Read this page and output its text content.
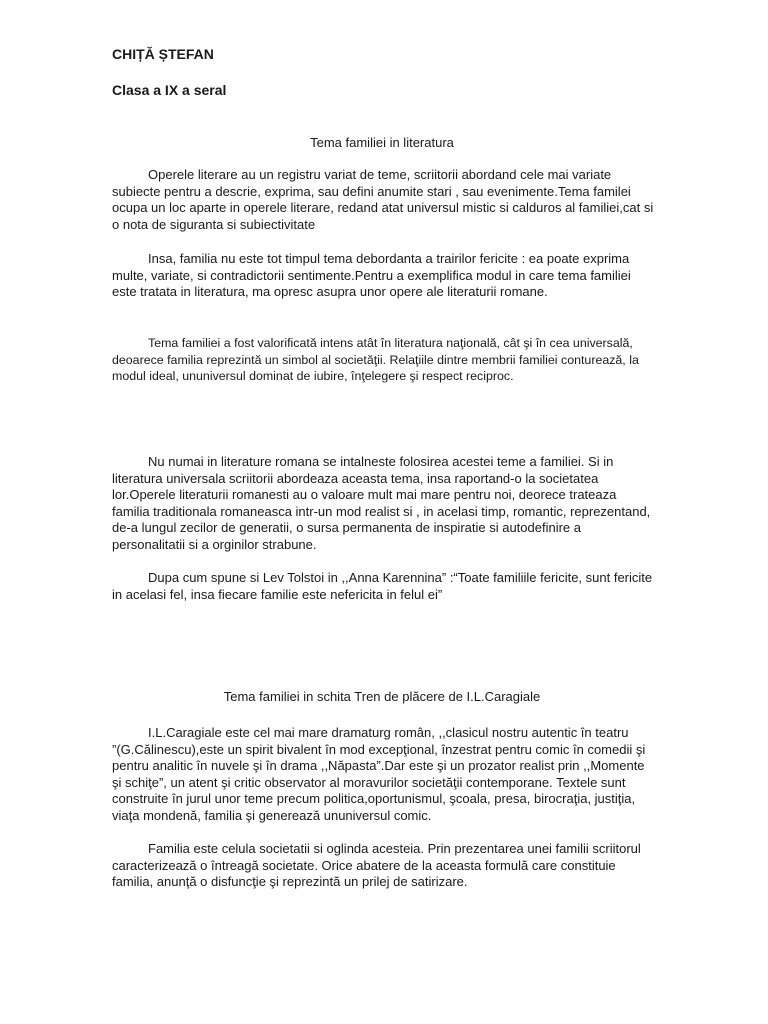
CHIȚĂ ȘTEFAN

Clasa a IX a seral

Tema familiei in literatura

Operele literare au un registru variat de teme, scriitorii abordand cele mai variate subiecte pentru a descrie, exprima, sau defini anumite stari , sau evenimente.Tema familei ocupa un loc aparte in operele literare, redand atat universul mistic si calduros al familiei,cat si o nota de siguranta si subiectivitate

Insa, familia nu este tot timpul tema debordanta a trairilor fericite : ea poate exprima multe, variate, si contradictorii sentimente.Pentru a exemplifica modul in care tema familiei este tratata in literatura, ma opresc asupra unor opere ale literaturii romane.

Tema familiei a fost valorificată intens atât în literatura naţională, cât şi în cea universală, deoarece familia reprezintă un simbol al societăţii. Relaţiile dintre membrii familiei conturează, la modul ideal, ununiversul dominat de iubire, înţelegere şi respect reciproc.

Nu numai in literature romana se intalneste folosirea acestei teme a familiei. Si in literatura universala scriitorii abordeaza aceasta tema, insa raportand-o la societatea lor.Operele literaturii romanesti au o valoare mult mai mare pentru noi, deorece trateaza familia traditionala romaneasca intr-un mod realist si , in acelasi timp, romantic, reprezentand, de-a lungul zecilor de generatii, o sursa permanenta de inspiratie si autodefinire a personalitatii si a orginilor strabune.

Dupa cum spune si Lev Tolstoi in ,,Anna Karennina” :“Toate familiile fericite, sunt fericite in acelasi fel, insa fiecare familie este nefericita in felul ei”

Tema familiei in schita Tren de plăcere de I.L.Caragiale

I.L.Caragiale este cel mai mare dramaturg român, ,,clasicul nostru autentic în teatru ”(G.Călinescu),este un spirit bivalent în mod excepţional, înzestrat pentru comic în comedii şi pentru analitic în nuvele şi în drama ,,Năpasta”.Dar este şi un prozator realist prin ,,Momente şi schiţe”, un atent şi critic observator al moravurilor societăţii contemporane. Textele sunt construite în jurul unor teme precum politica,oportunismul, şcoala, presa, birocraţia, justiţia, viaţa mondenă, familia şi generează ununiversul comic.

Familia este celula societatii si oglinda acesteia. Prin prezentarea unei familii scriitorul caracterizează o întreagă societate. Orice abatere de la aceasta formulă care constituie familia, anunţă o disfuncţie şi reprezintă un prilej de satirizare.
